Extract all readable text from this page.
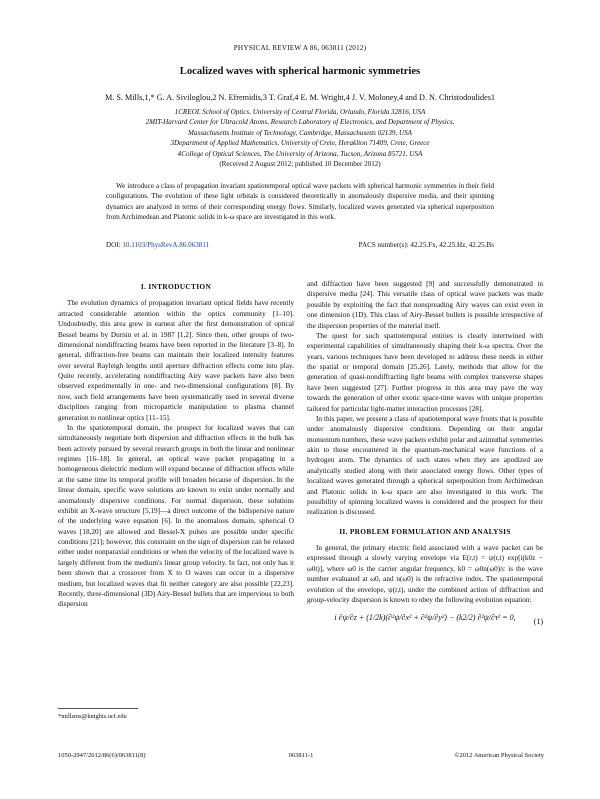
PHYSICAL REVIEW A 86, 063811 (2012)
Localized waves with spherical harmonic symmetries
M. S. Mills,1,* G. A. Siviloglou,2 N. Efremidis,3 T. Graf,4 E. M. Wright,4 J. V. Moloney,4 and D. N. Christodoulides1
1CREOL School of Optics, University of Central Florida, Orlando, Florida 32816, USA
2MIT-Harvard Center for Ultracold Atoms, Research Laboratory of Electronics, and Department of Physics,
Massachusetts Institute of Technology, Cambridge, Massachusetts 02139, USA
3Department of Applied Mathematics, University of Crete, Heraklion 71409, Crete, Greece
4College of Optical Sciences, The University of Arizona, Tucson, Arizona 85721, USA
(Received 2 August 2012; published 10 December 2012)
We introduce a class of propagation invariant spatiotemporal optical wave packets with spherical harmonic symmetries in their field configurations. The evolution of these light orbitals is considered theoretically in anomalously dispersive media, and their spinning dynamics are analyzed in terms of their corresponding energy flows. Similarly, localized waves generated via spherical superposition from Archimedean and Platonic solids in k-ω space are investigated in this work.
DOI: 10.1103/PhysRevA.86.063811	PACS number(s): 42.25.Fx, 42.25.Hz, 42.25.Bs
I. INTRODUCTION

The evolution dynamics of propagation invariant optical fields have recently attracted considerable attention within the optics community [1–10]. Undoubtedly, this area grew in earnest after the first demonstration of optical Bessel beams by Durnin et al. in 1987 [1,2]. Since then, other groups of two-dimensional nondiffracting beams have been reported in the literature [3–8]. In general, diffraction-free beams can maintain their localized intensity features over several Rayleigh lengths until aperture diffraction effects come into play. Quite recently, accelerating nondiffracting Airy wave packets have also been observed experimentally in one- and two-dimensional configurations [8]. By now, such field arrangements have been systematically used in several diverse disciplines ranging from microparticle manipulation to plasma channel generation to nonlinear optics [11–15].

In the spatiotemporal domain, the prospect for localized waves that can simultaneously negotiate both dispersion and diffraction effects in the bulk has been actively pursued by several research groups in both the linear and nonlinear regimes [16–18]. In general, an optical wave packet propagating in a homogeneous dielectric medium will expand because of diffraction effects while at the same time its temporal profile will broaden because of dispersion. In the linear domain, specific wave solutions are known to exist under normally and anomalously dispersive conditions. For normal dispersion, these solutions exhibit an X-wave structure [5,19]—a direct outcome of the bidispersive nature of the underlying wave equation [6]. In the anomalous domain, spherical O waves [18,20] are allowed and Bessel-X pulses are possible under specific conditions [21]; however, this constraint on the sign of dispersion can be relaxed either under nonparaxial conditions or when the velocity of the localized wave is largely different from the medium's linear group velocity. In fact, not only has it been shown that a crossover from X to O waves can occur in a dispersive medium, but localized waves that fit neither category are also possible [22,23]. Recently, three-dimensional (3D) Airy-Bessel bullets that are impervious to both dispersion

and diffraction have been suggested [9] and successfully demonstrated in dispersive media [24]. This versatile class of optical wave packets was made possible by exploiting the fact that nonspreading Airy waves can exist even in one dimension (1D). This class of Airy-Bessel bullets is possible irrespective of the dispersion properties of the material itself.

The quest for such spatiotemporal entities is clearly intertwined with experimental capabilities of simultaneously shaping their k-ω spectra. Over the years, various techniques have been developed to address these needs in either the spatial or temporal domain [25,26]. Lately, methods that allow for the generation of quasi-nondiffracting light beams with complex transverse shapes have been suggested [27]. Further progress in this area may pave the way towards the generation of other exotic space-time waves with unique properties tailored for particular light-matter interaction processes [28].

In this paper, we present a class of spatiotemporal wave fronts that is possible under anomalously dispersive conditions. Depending on their angular momentum numbers, these wave packets exhibit polar and azimuthal symmetries akin to those encountered in the quantum-mechanical wave functions of a hydrogen atom. The dynamics of such states when they are apodized are analytically studied along with their associated energy flows. Other types of localized waves generated through a spherical superposition from Archimedean and Platonic solids in k-ω space are also investigated in this work. The possibility of spinning localized waves is considered and the prospect for their realization is discussed.

II. PROBLEM FORMULATION AND ANALYSIS

In general, the primary electric field associated with a wave packet can be expressed through a slowly varying envelope via E(r,t) = ψ(r,t) exp[i(k0z − ω0t)], where ω0 is the carrier angular frequency, k0 = ω0n(ω0)/c is the wave number evaluated at ω0, and n(ω0) is the refractive index. The spatiotemporal evolution of the envelope, ψ(r,t), under the combined action of diffraction and group-velocity dispersion is known to obey the following evolution equation:

i ∂ψ/∂z + (1/2k)(∂²ψ/∂x² + ∂²ψ/∂y²) − (k2/2) ∂²ψ/∂τ² = 0, (1)
*millsms@knights.ucf.edu
1050-2947/2012/86(6)/063811(8)	063811-1	©2012 American Physical Society
